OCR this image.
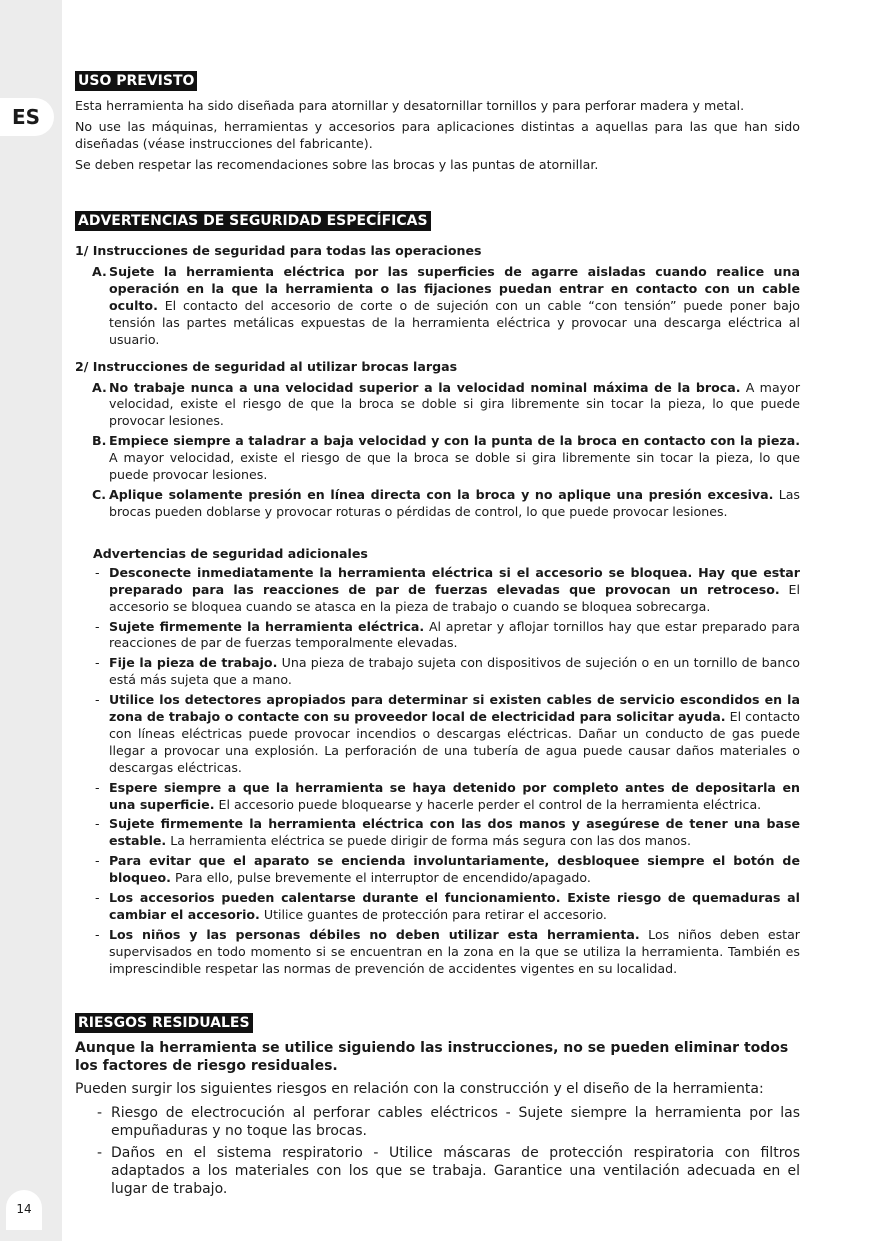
ES
14
USO PREVISTO

Esta herramienta ha sido diseñada para atornillar y desatornillar tornillos y para perforar madera y metal.

No use las máquinas, herramientas y accesorios para aplicaciones distintas a aquellas para las que han sido diseñadas (véase instrucciones del fabricante).

Se deben respetar las recomendaciones sobre las brocas y las puntas de atornillar.

ADVERTENCIAS DE SEGURIDAD ESPECÍFICAS

1/ Instrucciones de seguridad para todas las operaciones

A. Sujete la herramienta eléctrica por las superficies de agarre aisladas cuando realice una operación en la que la herramienta o las fijaciones puedan entrar en contacto con un cable oculto. El contacto del accesorio de corte o de sujeción con un cable “con tensión” puede poner bajo tensión las partes metálicas expuestas de la herramienta eléctrica y provocar una descarga eléctrica al usuario.

2/ Instrucciones de seguridad al utilizar brocas largas

A. No trabaje nunca a una velocidad superior a la velocidad nominal máxima de la broca. A mayor velocidad, existe el riesgo de que la broca se doble si gira libremente sin tocar la pieza, lo que puede provocar lesiones.
B. Empiece siempre a taladrar a baja velocidad y con la punta de la broca en contacto con la pieza. A mayor velocidad, existe el riesgo de que la broca se doble si gira libremente sin tocar la pieza, lo que puede provocar lesiones.
C. Aplique solamente presión en línea directa con la broca y no aplique una presión excesiva. Las brocas pueden doblarse y provocar roturas o pérdidas de control, lo que puede provocar lesiones.

Advertencias de seguridad adicionales

- Desconecte inmediatamente la herramienta eléctrica si el accesorio se bloquea. Hay que estar preparado para las reacciones de par de fuerzas elevadas que provocan un retroceso. El accesorio se bloquea cuando se atasca en la pieza de trabajo o cuando se bloquea sobrecarga.
- Sujete firmemente la herramienta eléctrica. Al apretar y aflojar tornillos hay que estar preparado para reacciones de par de fuerzas temporalmente elevadas.
- Fije la pieza de trabajo. Una pieza de trabajo sujeta con dispositivos de sujeción o en un tornillo de banco está más sujeta que a mano.
- Utilice los detectores apropiados para determinar si existen cables de servicio escondidos en la zona de trabajo o contacte con su proveedor local de electricidad para solicitar ayuda. El contacto con líneas eléctricas puede provocar incendios o descargas eléctricas. Dañar un conducto de gas puede llegar a provocar una explosión. La perforación de una tubería de agua puede causar daños materiales o descargas eléctricas.
- Espere siempre a que la herramienta se haya detenido por completo antes de depositarla en una superficie. El accesorio puede bloquearse y hacerle perder el control de la herramienta eléctrica.
- Sujete firmemente la herramienta eléctrica con las dos manos y asegúrese de tener una base estable. La herramienta eléctrica se puede dirigir de forma más segura con las dos manos.
- Para evitar que el aparato se encienda involuntariamente, desbloquee siempre el botón de bloqueo. Para ello, pulse brevemente el interruptor de encendido/apagado.
- Los accesorios pueden calentarse durante el funcionamiento. Existe riesgo de quemaduras al cambiar el accesorio. Utilice guantes de protección para retirar el accesorio.
- Los niños y las personas débiles no deben utilizar esta herramienta. Los niños deben estar supervisados en todo momento si se encuentran en la zona en la que se utiliza la herramienta. También es imprescindible respetar las normas de prevención de accidentes vigentes en su localidad.
RIESGOS RESIDUALES

Aunque la herramienta se utilice siguiendo las instrucciones, no se pueden eliminar todos los factores de riesgo residuales.

Pueden surgir los siguientes riesgos en relación con la construcción y el diseño de la herramienta:

- Riesgo de electrocución al perforar cables eléctricos - Sujete siempre la herramienta por las empuñaduras y no toque las brocas.
- Daños en el sistema respiratorio - Utilice máscaras de protección respiratoria con filtros adaptados a los materiales con los que se trabaja. Garantice una ventilación adecuada en el lugar de trabajo.
